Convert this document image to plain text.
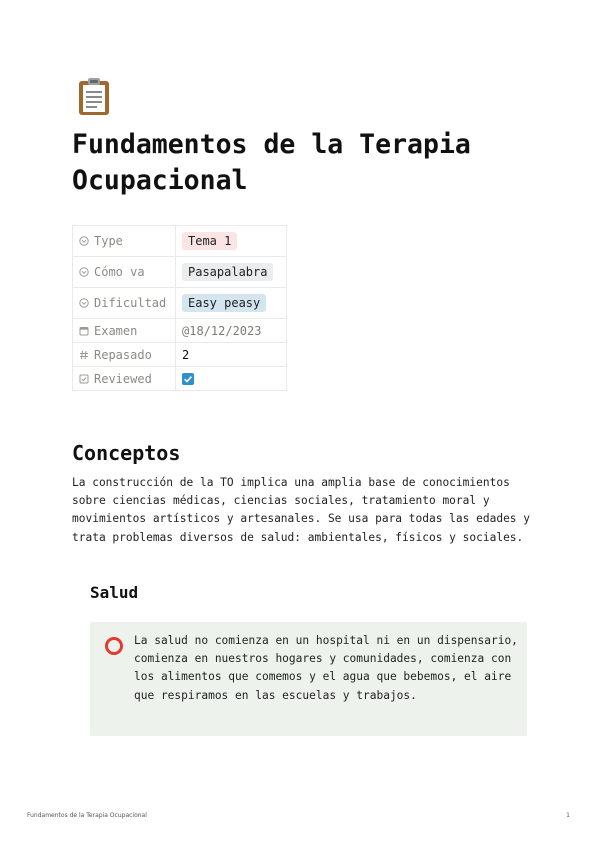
Fundamentos de la Terapia Ocupacional
Type	Tema 1
Cómo va	Pasapalabra
Dificultad	Easy peasy
Examen	@18/12/2023
Repasado	2
Reviewed	
Conceptos

La construcción de la TO implica una amplia base de conocimientos sobre ciencias médicas, ciencias sociales, tratamiento moral y movimientos artísticos y artesanales. Se usa para todas las edades y trata problemas diversos de salud: ambientales, físicos y sociales.

Salud

La salud no comienza en un hospital ni en un dispensario, comienza en nuestros hogares y comunidades, comienza con los alimentos que comemos y el agua que bebemos, el aire que respiramos en las escuelas y trabajos.

Fundamentos de la Terapia Ocupacional	1
